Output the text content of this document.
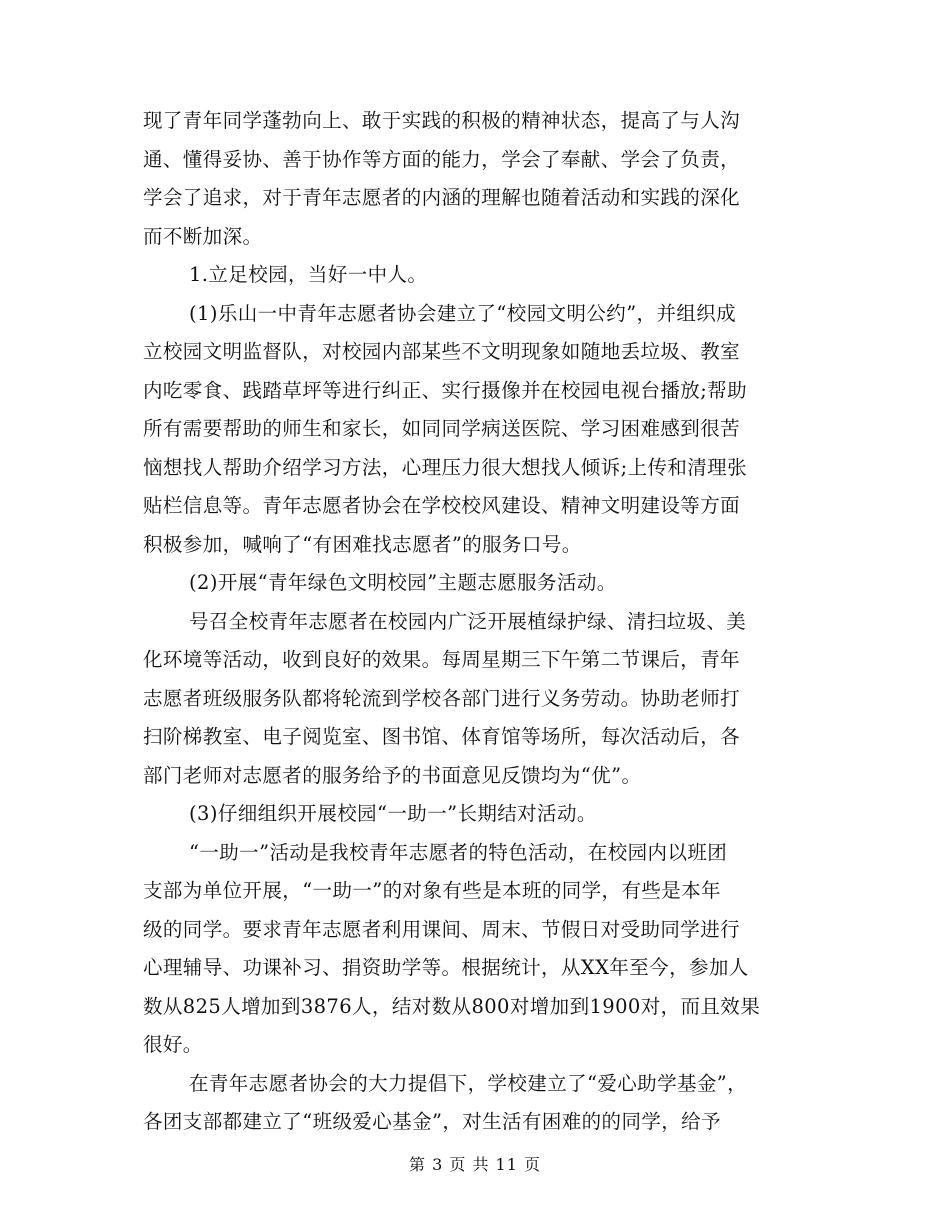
现了青年同学蓬勃向上、敢于实践的积极的精神状态，提高了与人沟
通、懂得妥协、善于协作等方面的能力，学会了奉献、学会了负责，
学会了追求，对于青年志愿者的内涵的理解也随着活动和实践的深化
而不断加深。
1.立足校园，当好一中人。
(1)乐山一中青年志愿者协会建立了“校园文明公约”，并组织成
立校园文明监督队，对校园内部某些不文明现象如随地丢垃圾、教室
内吃零食、践踏草坪等进行纠正、实行摄像并在校园电视台播放;帮助
所有需要帮助的师生和家长，如同同学病送医院、学习困难感到很苦
恼想找人帮助介绍学习方法，心理压力很大想找人倾诉;上传和清理张
贴栏信息等。青年志愿者协会在学校校风建设、精神文明建设等方面
积极参加，喊响了“有困难找志愿者”的服务口号。
(2)开展“青年绿色文明校园”主题志愿服务活动。
号召全校青年志愿者在校园内广泛开展植绿护绿、清扫垃圾、美
化环境等活动，收到良好的效果。每周星期三下午第二节课后，青年
志愿者班级服务队都将轮流到学校各部门进行义务劳动。协助老师打
扫阶梯教室、电子阅览室、图书馆、体育馆等场所，每次活动后，各
部门老师对志愿者的服务给予的书面意见反馈均为“优”。
(3)仔细组织开展校园“一助一”长期结对活动。
“一助一”活动是我校青年志愿者的特色活动，在校园内以班团
支部为单位开展，“一助一”的对象有些是本班的同学，有些是本年
级的同学。要求青年志愿者利用课间、周末、节假日对受助同学进行
心理辅导、功课补习、捐资助学等。根据统计，从XX年至今，参加人
数从825人增加到3876人，结对数从800对增加到1900对，而且效果
很好。
在青年志愿者协会的大力提倡下，学校建立了“爱心助学基金”，
各团支部都建立了“班级爱心基金”，对生活有困难的的同学，给予
第 3 页 共 11 页
